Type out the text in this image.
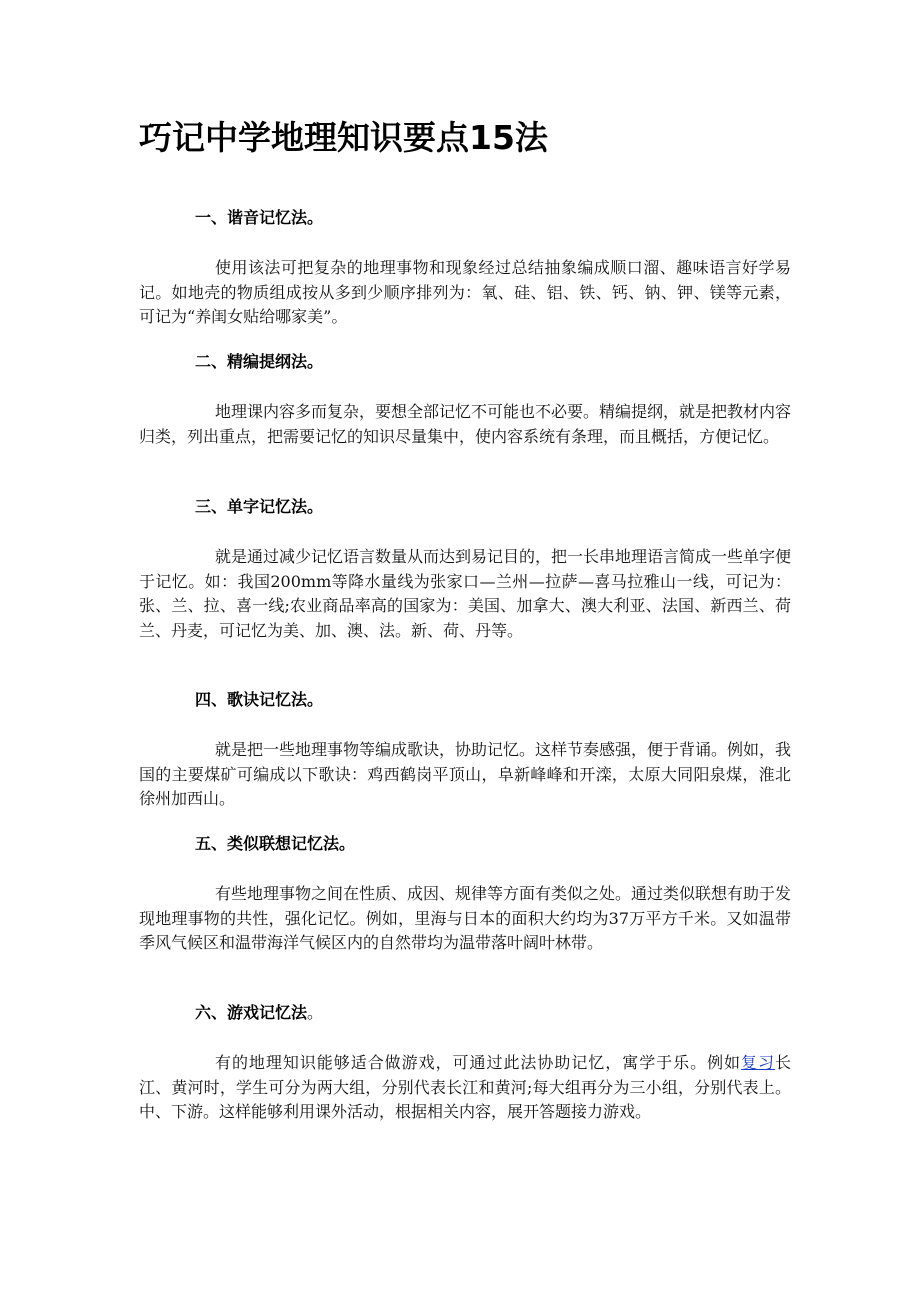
巧记中学地理知识要点15法

一、谐音记忆法。

使用该法可把复杂的地理事物和现象经过总结抽象编成顺口溜、趣味语言好学易记。如地壳的物质组成按从多到少顺序排列为：氧、硅、铝、铁、钙、钠、钾、镁等元素，可记为“养闺女贴给哪家美”。

二、精编提纲法。

地理课内容多而复杂，要想全部记忆不可能也不必要。精编提纲，就是把教材内容归类，列出重点，把需要记忆的知识尽量集中，使内容系统有条理，而且概括，方便记忆。

三、单字记忆法。

就是通过减少记忆语言数量从而达到易记目的，把一长串地理语言简成一些单字便于记忆。如：我国200mm等降水量线为张家口—兰州—拉萨—喜马拉雅山一线，可记为：张、兰、拉、喜一线;农业商品率高的国家为：美国、加拿大、澳大利亚、法国、新西兰、荷兰、丹麦，可记忆为美、加、澳、法。新、荷、丹等。

四、歌诀记忆法。

就是把一些地理事物等编成歌诀，协助记忆。这样节奏感强，便于背诵。例如，我国的主要煤矿可编成以下歌诀：鸡西鹤岗平顶山，阜新峰峰和开滦，太原大同阳泉煤，淮北徐州加西山。

五、类似联想记忆法。

有些地理事物之间在性质、成因、规律等方面有类似之处。通过类似联想有助于发现地理事物的共性，强化记忆。例如，里海与日本的面积大约均为37万平方千米。又如温带季风气候区和温带海洋气候区内的自然带均为温带落叶阔叶林带。

六、游戏记忆法。

有的地理知识能够适合做游戏，可通过此法协助记忆，寓学于乐。例如复习长江、黄河时，学生可分为两大组，分别代表长江和黄河;每大组再分为三小组，分别代表上。中、下游。这样能够利用课外活动，根据相关内容，展开答题接力游戏。
